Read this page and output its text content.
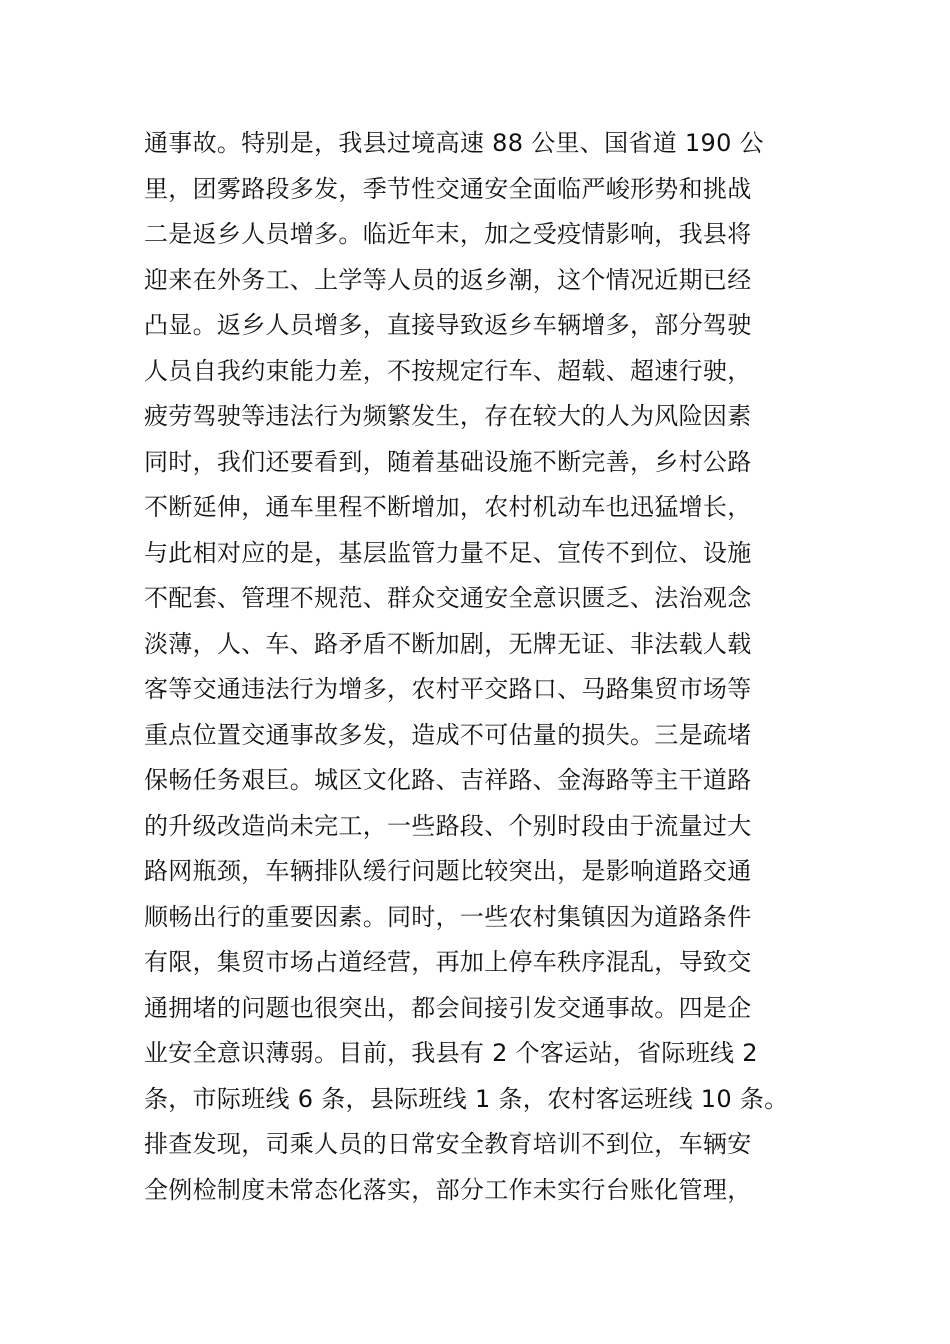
通事故。特别是，我县过境高速 88 公里、国省道 190 公
里，团雾路段多发，季节性交通安全面临严峻形势和挑战
二是返乡人员增多。临近年末，加之受疫情影响，我县将
迎来在外务工、上学等人员的返乡潮，这个情况近期已经
凸显。返乡人员增多，直接导致返乡车辆增多，部分驾驶
人员自我约束能力差，不按规定行车、超载、超速行驶，
疲劳驾驶等违法行为频繁发生，存在较大的人为风险因素
同时，我们还要看到，随着基础设施不断完善，乡村公路
不断延伸，通车里程不断增加，农村机动车也迅猛增长，
与此相对应的是，基层监管力量不足、宣传不到位、设施
不配套、管理不规范、群众交通安全意识匮乏、法治观念
淡薄，人、车、路矛盾不断加剧，无牌无证、非法载人载
客等交通违法行为增多，农村平交路口、马路集贸市场等
重点位置交通事故多发，造成不可估量的损失。三是疏堵
保畅任务艰巨。城区文化路、吉祥路、金海路等主干道路
的升级改造尚未完工，一些路段、个别时段由于流量过大
路网瓶颈，车辆排队缓行问题比较突出，是影响道路交通
顺畅出行的重要因素。同时，一些农村集镇因为道路条件
有限，集贸市场占道经营，再加上停车秩序混乱，导致交
通拥堵的问题也很突出，都会间接引发交通事故。四是企
业安全意识薄弱。目前，我县有 2 个客运站，省际班线 2
条，市际班线 6 条，县际班线 1 条，农村客运班线 10 条。
排查发现，司乘人员的日常安全教育培训不到位，车辆安
全例检制度未常态化落实，部分工作未实行台账化管理，
